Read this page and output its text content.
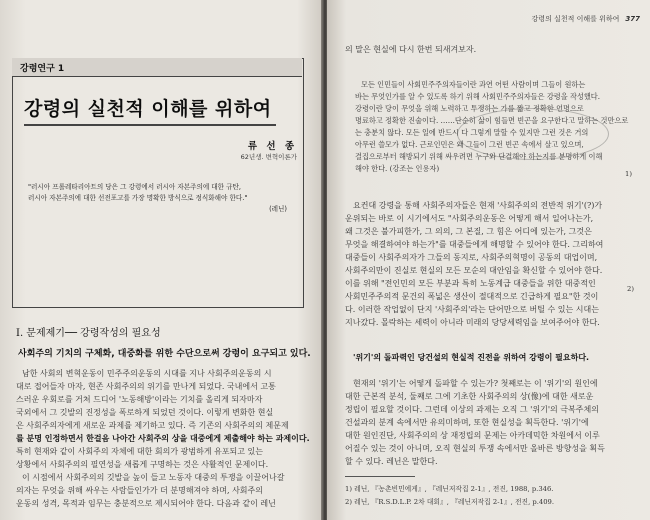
강령연구 1
강령의 실천적 이해를 위하여
류 선 종
62년생. 변혁이론가
"러시아 프롤레타리아트의 당은 그 강령에서 러시아 자본주의에 대한 규탄,
러시아 자본주의에 대한 선전포고를 가장 명확한 방식으로 정식화해야 한다."
(레닌)
Ⅰ. 문제제기── 강령작성의 필요성
사회주의 기치의 구체화, 대중화를 위한 수단으로써 강령이 요구되고 있다.
남한 사회의 변혁운동이 민주주의운동의 시대를 지나 사회주의운동의 시
대로 접어들자 마자, 현존 사회주의의 위기를 만나게 되었다. 국내에서 고통
스러운 우회로를 거쳐 드디어 '노동해방'이라는 기치를 올리게 되자마자
국외에서 그 깃발의 진정성을 폭로하게 되었던 것이다. 이렇게 변화한 현실
은 사회주의자에게 새로운 과제를 제기하고 있다. 즉 기존의 사회주의의 제문제
를 분명 인정하면서 한걸음 나아간 사회주의 상을 대중에게 제출해야 하는 과제이다.
특히 현재와 같이 사회주의 자체에 대한 회의가 광범하게 유포되고 있는
상황에서 사회주의의 필연성을 새롭게 구명하는 것은 사활적인 문제이다.
이 시점에서 사회주의의 깃발을 높이 들고 노동자 대중의 투쟁을 이끌어나갈
의자는 무엇을 위해 싸우는 사람들인가가 더 분명해져야 하며, 사회주의
운동의 성격, 목적과 임무는 충분적으로 제시되어야 한다. 다음과 같이 레닌
강령의 실천적 이해를 위하여 377
의 말은 현실에 다시 한번 되새겨보자.
모든 인민들이 사회민주주의자들이란 과연 어떤 사람이며 그들이 원하는
바는 무엇인가를 알 수 있도록 하기 위해 사회민주주의자들은 강령을 작성했다.
강령이란 당이 무엇을 위해 노력하고 투쟁하는 가를 짧고 정확한 언명으로
명료하고 정확한 진술이다. ……단순히 삶이 힘들면 빈곤을 요구한다고 말하는 것만으로
는 충분치 않다. 모든 일에 반드시 다 그렇게 말할 수 있지만 그런 것은 거의
아무런 쓸모가 없다. 근로인민은 왜 그들이 그런 빈곤 속에서 살고 있으며,
결집으로부터 해방되기 위해 싸우려면 누구와 단결해야 하는지를 분명하게 이해
해야 한다. (강조는 인용자)
1)
요컨대 강령을 통해 사회주의자들은 현재 '사회주의의 전반적 위기'(?)가
운위되는 바로 이 시기에서도 "사회주의운동은 어떻게 해서 일어나는가,
왜 그것은 불가피한가, 그 의의, 그 본질, 그 힘은 어디에 있는가, 그것은
무엇을 해결하여야 하는가"를 대중들에게 해명할 수 있어야 한다. 그리하여
대중들이 사회주의자가 그들의 동지로, 사회주의혁명이 공동의 대업이며,
사회주의만이 진실로 현실의 모든 모순의 대안임을 확신할 수 있어야 한다.
이를 위해 "전인민의 모든 부분과 특히 노동계급 대중들을 위한 대중적인
사회민주주의적 문건의 폭넓은 생산이 절대적으로 긴급하게 필요"한 것이
다. 이러한 작업없이 단지 '사회주의'라는 단어만으로 버틸 수 있는 시대는
지나갔다. 몰락하는 세력이 아니라 미래의 당당세력임을 보여주어야 한다.
2)
'위기'의 돌파력인 당건설의 현실적 진전을 위하여 강령이 필요하다.
현재의 '위기'는 어떻게 돌파할 수 있는가? 첫째로는 이 '위기'의 원인에
대한 근본적 분석, 둘째로 그에 기초한 사회주의의 상(像)에 대한 새로운
정립이 필요할 것이다. 그런데 이상의 과제는 오직 그 '위기'의 극복주체의
건설과의 분계 속에서만 유의미하며, 또한 현실성을 획득한다. '위기'에
대한 원인진단, 사회주의의 상 재정립의 문제는 아카데믹한 차원에서 이루
어질수 있는 것이 아니며, 오직 현실의 투쟁 속에서만 올바른 방향성을 획득
할 수 있다. 레닌은 말한다.
1) 레닌, 『농촌빈민에게』, 『레닌저작집 2-1』, 전진, 1988, p.346.
2) 레닌, 『R.S.D.L.P. 2차 대회』, 『레닌저작집 2-1』, 전진, p.409.
